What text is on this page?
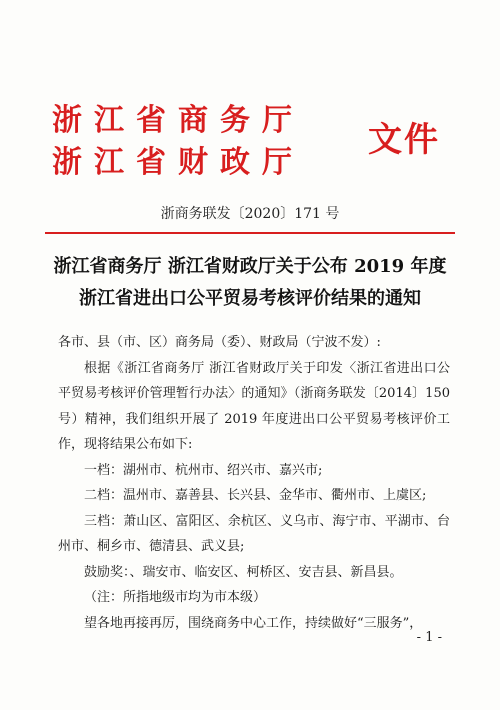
浙江省商务厅
浙江省财政厅
文件
浙商务联发〔2020〕171 号
浙江省商务厅 浙江省财政厅关于公布 2019 年度
浙江省进出口公平贸易考核评价结果的通知

各市、县（市、区）商务局（委）、财政局（宁波不发）:

根据《浙江省商务厅 浙江省财政厅关于印发〈浙江省进出口公平贸易考核评价管理暂行办法〉的通知》（浙商务联发〔2014〕150 号）精神，我们组织开展了 2019 年度进出口公平贸易考核评价工作，现将结果公布如下:

一档：湖州市、杭州市、绍兴市、嘉兴市;

二档：温州市、嘉善县、长兴县、金华市、衢州市、上虞区;

三档：萧山区、富阳区、余杭区、义乌市、海宁市、平湖市、台州市、桐乡市、德清县、武义县;

鼓励奖：、瑞安市、临安区、柯桥区、安吉县、新昌县。

（注：所指地级市均为市本级）

望各地再接再厉，围绕商务中心工作，持续做好“三服务”，

- 1 -
